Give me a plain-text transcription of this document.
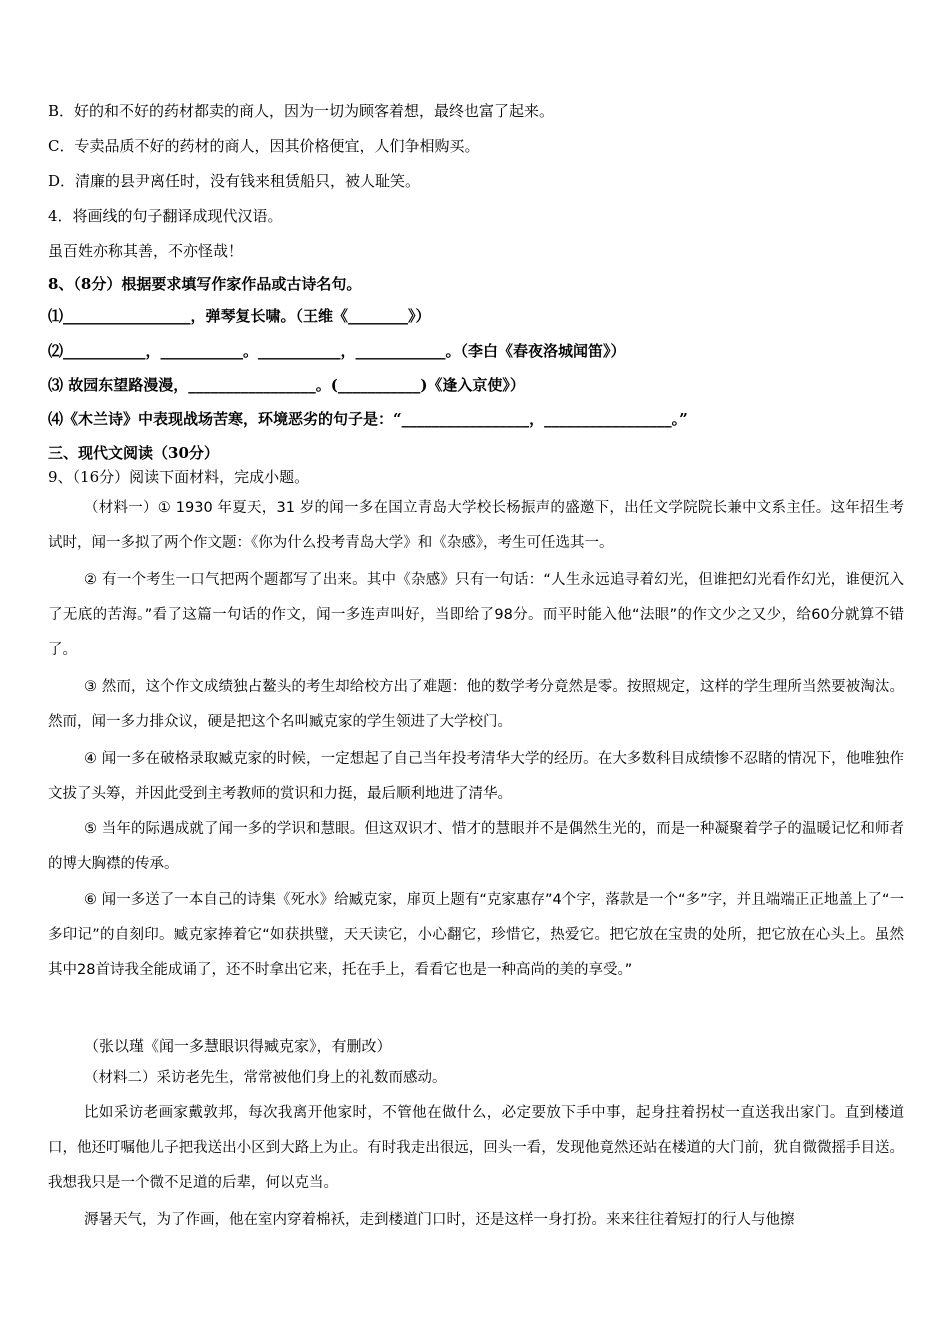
B．好的和不好的药材都卖的商人，因为一切为顾客着想，最终也富了起来。
C．专卖品质不好的药材的商人，因其价格便宜，人们争相购买。
D．清廉的县尹离任时，没有钱来租赁船只，被人耻笑。
4．将画线的句子翻译成现代汉语。
虽百姓亦称其善，不亦怪哉！
8、（8分）根据要求填写作家作品或古诗名句。
⑴_________________，弹琴复长啸。（王维《________》）
⑵___________，___________。___________，____________。（李白《春夜洛城闻笛》）
⑶ 故园东望路漫漫，_________________。(___________)《逢入京使》）
⑷《木兰诗》中表现战场苦寒，环境恶劣的句子是：“_________________，_________________。”
三、现代文阅读（30分）
9、（16分）阅读下面材料，完成小题。

（材料一）① 1930 年夏天，31 岁的闻一多在国立青岛大学校长杨振声的盛邀下，出任文学院院长兼中文系主任。这年招生考试时，闻一多拟了两个作文题：《你为什么投考青岛大学》和《杂感》，考生可任选其一。

② 有一个考生一口气把两个题都写了出来。其中《杂感》只有一句话：“人生永远追寻着幻光，但谁把幻光看作幻光，谁便沉入了无底的苦海。”看了这篇一句话的作文，闻一多连声叫好，当即给了98分。而平时能入他“法眼”的作文少之又少，给60分就算不错了。

③ 然而，这个作文成绩独占鳌头的考生却给校方出了难题：他的数学考分竟然是零。按照规定，这样的学生理所当然要被淘汰。然而，闻一多力排众议，硬是把这个名叫臧克家的学生领进了大学校门。

④ 闻一多在破格录取臧克家的时候，一定想起了自己当年投考清华大学的经历。在大多数科目成绩惨不忍睹的情况下，他唯独作文拔了头筹，并因此受到主考教师的赏识和力挺，最后顺利地进了清华。

⑤ 当年的际遇成就了闻一多的学识和慧眼。但这双识才、惜才的慧眼并不是偶然生光的，而是一种凝聚着学子的温暖记忆和师者的博大胸襟的传承。

⑥ 闻一多送了一本自己的诗集《死水》给臧克家，扉页上题有“克家惠存”4个字，落款是一个“多”字，并且端端正正地盖上了“一多印记”的自刻印。臧克家捧着它“如获拱璧，天天读它，小心翻它，珍惜它，热爱它。把它放在宝贵的处所，把它放在心头上。虽然其中28首诗我全能成诵了，还不时拿出它来，托在手上，看看它也是一种高尚的美的享受。”

（张以瑾《闻一多慧眼识得臧克家》，有删改）

（材料二）采访老先生，常常被他们身上的礼数而感动。

比如采访老画家戴敦邦，每次我离开他家时，不管他在做什么，必定要放下手中事，起身拄着拐杖一直送我出家门。直到楼道口，他还叮嘱他儿子把我送出小区到大路上为止。有时我走出很远，回头一看，发现他竟然还站在楼道的大门前，犹自微微摇手目送。我想我只是一个微不足道的后辈，何以克当。

溽暑天气，为了作画，他在室内穿着棉袄，走到楼道门口时，还是这样一身打扮。来来往往着短打的行人与他擦
